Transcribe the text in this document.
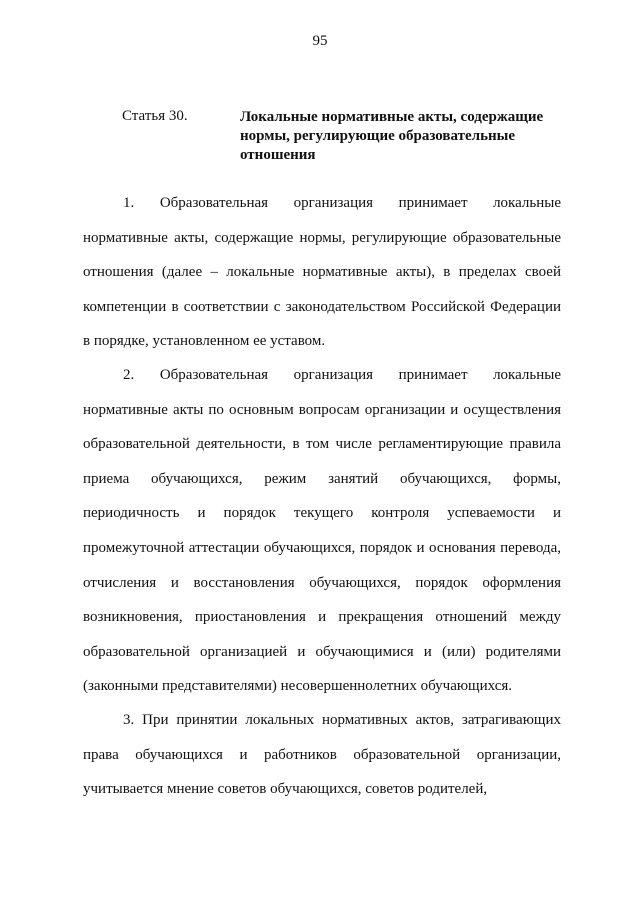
95
Статья 30.	Локальные нормативные акты, содержащие нормы, регулирующие образовательные отношения

1. Образовательная организация принимает локальные нормативные акты, содержащие нормы, регулирующие образовательные отношения (далее – локальные нормативные акты), в пределах своей компетенции в соответствии с законодательством Российской Федерации в порядке, установленном ее уставом.

2. Образовательная организация принимает локальные нормативные акты по основным вопросам организации и осуществления образовательной деятельности, в том числе регламентирующие правила приема обучающихся, режим занятий обучающихся, формы, периодичность и порядок текущего контроля успеваемости и промежуточной аттестации обучающихся, порядок и основания перевода, отчисления и восстановления обучающихся, порядок оформления возникновения, приостановления и прекращения отношений между образовательной организацией и обучающимися и (или) родителями (законными представителями) несовершеннолетних обучающихся.

3. При принятии локальных нормативных актов, затрагивающих права обучающихся и работников образовательной организации, учитывается мнение советов обучающихся, советов родителей,
